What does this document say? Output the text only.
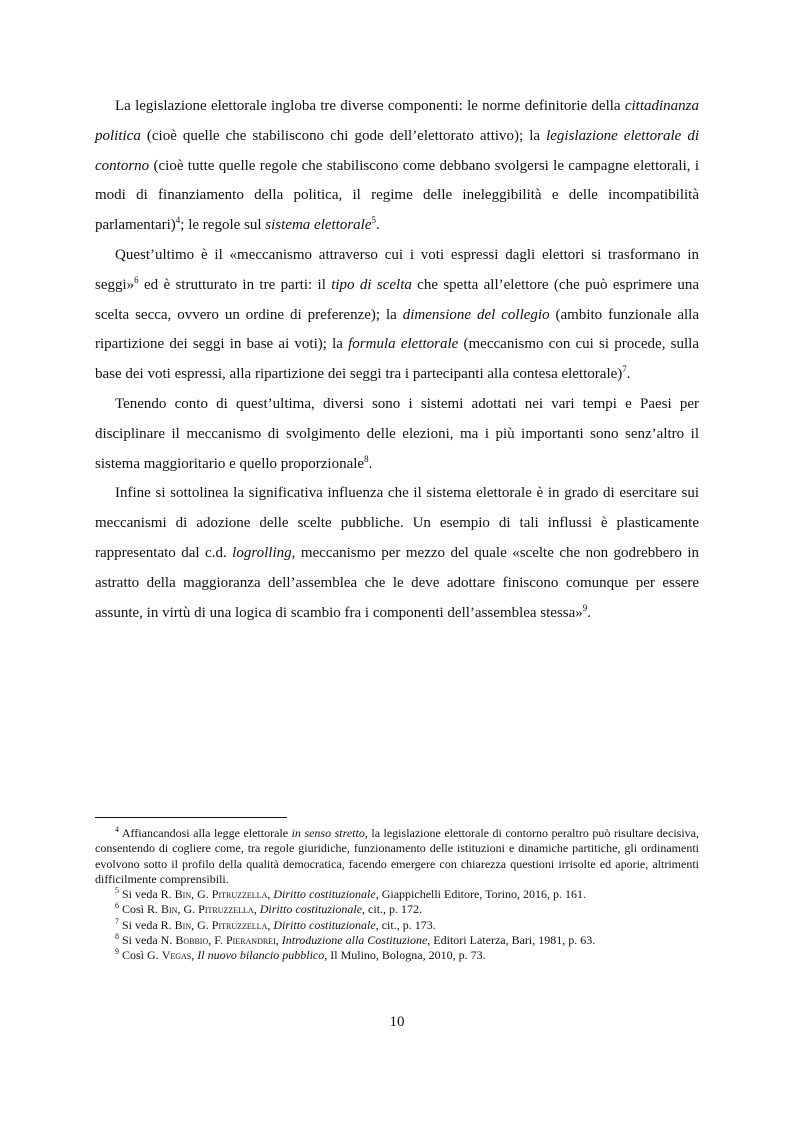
La legislazione elettorale ingloba tre diverse componenti: le norme definitorie della cittadinanza politica (cioè quelle che stabiliscono chi gode dell’elettorato attivo); la legislazione elettorale di contorno (cioè tutte quelle regole che stabiliscono come debbano svolgersi le campagne elettorali, i modi di finanziamento della politica, il regime delle ineleggibilità e delle incompatibilità parlamentari)$^4$; le regole sul sistema elettorale$^5$.

Quest’ultimo è il «meccanismo attraverso cui i voti espressi dagli elettori si trasformano in seggi»$^6$ ed è strutturato in tre parti: il tipo di scelta che spetta all’elettore (che può esprimere una scelta secca, ovvero un ordine di preferenze); la dimensione del collegio (ambito funzionale alla ripartizione dei seggi in base ai voti); la formula elettorale (meccanismo con cui si procede, sulla base dei voti espressi, alla ripartizione dei seggi tra i partecipanti alla contesa elettorale)$^7$.

Tenendo conto di quest’ultima, diversi sono i sistemi adottati nei vari tempi e Paesi per disciplinare il meccanismo di svolgimento delle elezioni, ma i più importanti sono senz’altro il sistema maggioritario e quello proporzionale$^8$.

Infine si sottolinea la significativa influenza che il sistema elettorale è in grado di esercitare sui meccanismi di adozione delle scelte pubbliche. Un esempio di tali influssi è plasticamente rappresentato dal c.d. logrolling, meccanismo per mezzo del quale «scelte che non godrebbero in astratto della maggioranza dell’assemblea che le deve adottare finiscono comunque per essere assunte, in virtù di una logica di scambio fra i componenti dell’assemblea stessa»$^9$.

$^4$ Affiancandosi alla legge elettorale in senso stretto, la legislazione elettorale di contorno peraltro può risultare decisiva, consentendo di cogliere come, tra regole giuridiche, funzionamento delle istituzioni e dinamiche partitiche, gli ordinamenti evolvono sotto il profilo della qualità democratica, facendo emergere con chiarezza questioni irrisolte ed aporie, altrimenti difficilmente comprensibili.

$^5$ Si veda R. Bin, G. Pitruzzella, Diritto costituzionale, Giappichelli Editore, Torino, 2016, p. 161.

$^6$ Così R. Bin, G. Pitruzzella, Diritto costituzionale, cit., p. 172.

$^7$ Si veda R. Bin, G. Pitruzzella, Diritto costituzionale, cit., p. 173.

$^8$ Si veda N. Bobbio, F. Pierandrei, Introduzione alla Costituzione, Editori Laterza, Bari, 1981, p. 63.

$^9$ Così G. Vegas, Il nuovo bilancio pubblico, Il Mulino, Bologna, 2010, p. 73.

10
